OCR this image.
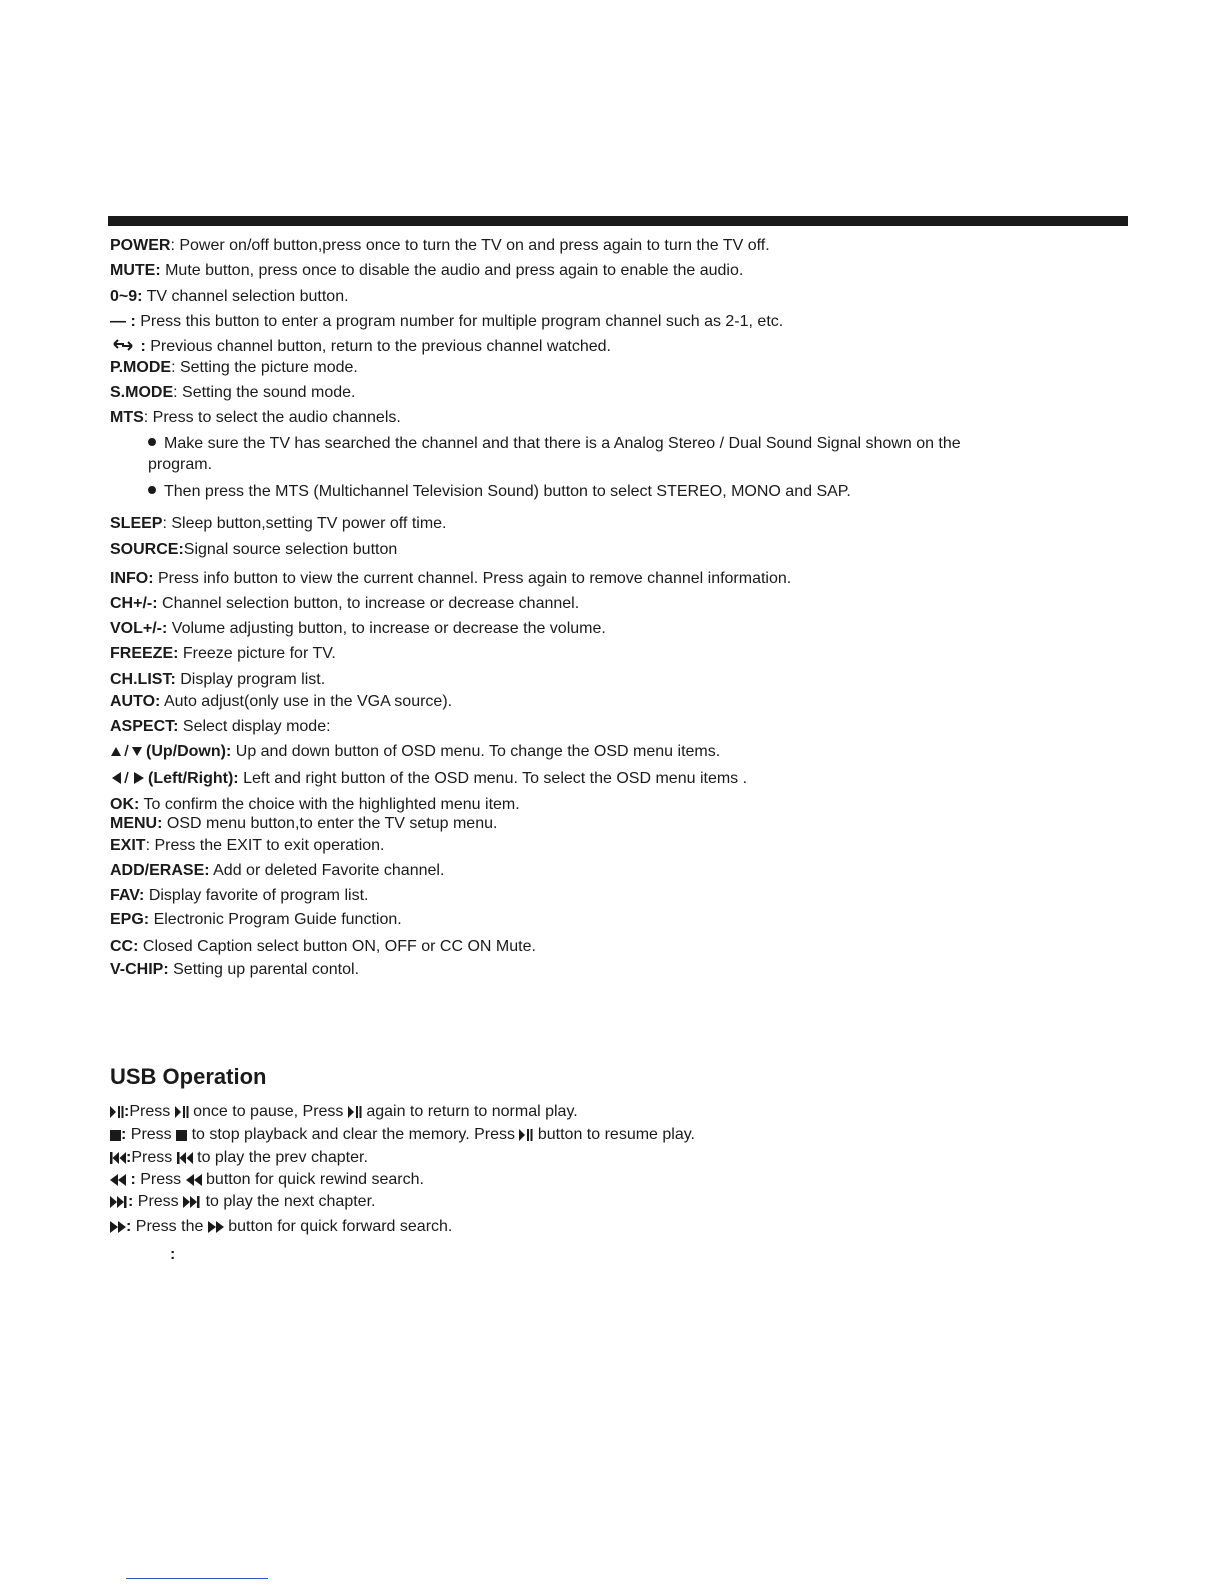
POWER: Power on/off button,press once to turn the TV on and press again to turn the TV off.
MUTE: Mute button, press once to disable the audio and press again to enable the audio.
0~9: TV channel selection button.
— : Press this button to enter a program number for multiple program channel such as 2-1, etc.
: Previous channel button, return to the previous channel watched.
P.MODE: Setting the picture mode.
S.MODE: Setting the sound mode.
MTS: Press to select the audio channels.
Make sure the TV has searched the channel and that there is a Analog Stereo / Dual Sound Signal shown on the program.
Then press the MTS (Multichannel Television Sound) button to select STEREO, MONO and SAP.
SLEEP: Sleep button,setting TV power off time.
SOURCE:Signal source selection button
INFO: Press info button to view the current channel. Press again to remove channel information.
CH+/-: Channel selection button, to increase or decrease channel.
VOL+/-: Volume adjusting button, to increase or decrease the volume.
FREEZE: Freeze picture for TV.
CH.LIST: Display program list.
AUTO: Auto adjust(only use in the VGA source).
ASPECT: Select display mode:
(Up/Down): Up and down button of OSD menu. To change the OSD menu items.
(Left/Right): Left and right button of the OSD menu. To select the OSD menu items .
OK: To confirm the choice with the highlighted menu item.
MENU: OSD menu button,to enter the TV setup menu.
EXIT: Press the EXIT to exit operation.
ADD/ERASE: Add or deleted Favorite channel.
FAV: Display favorite of program list.
EPG: Electronic Program Guide function.
CC: Closed Caption select button ON, OFF or CC ON Mute.
V-CHIP: Setting up parental contol.
USB Operation
:Press  once to pause, Press  again to return to normal play.
: Press  to stop playback and clear the memory. Press  button to resume play.
:Press  to play the prev chapter.
: Press  button for quick rewind search.
: Press  to play the next chapter.
: Press the  button for quick forward search.
:
